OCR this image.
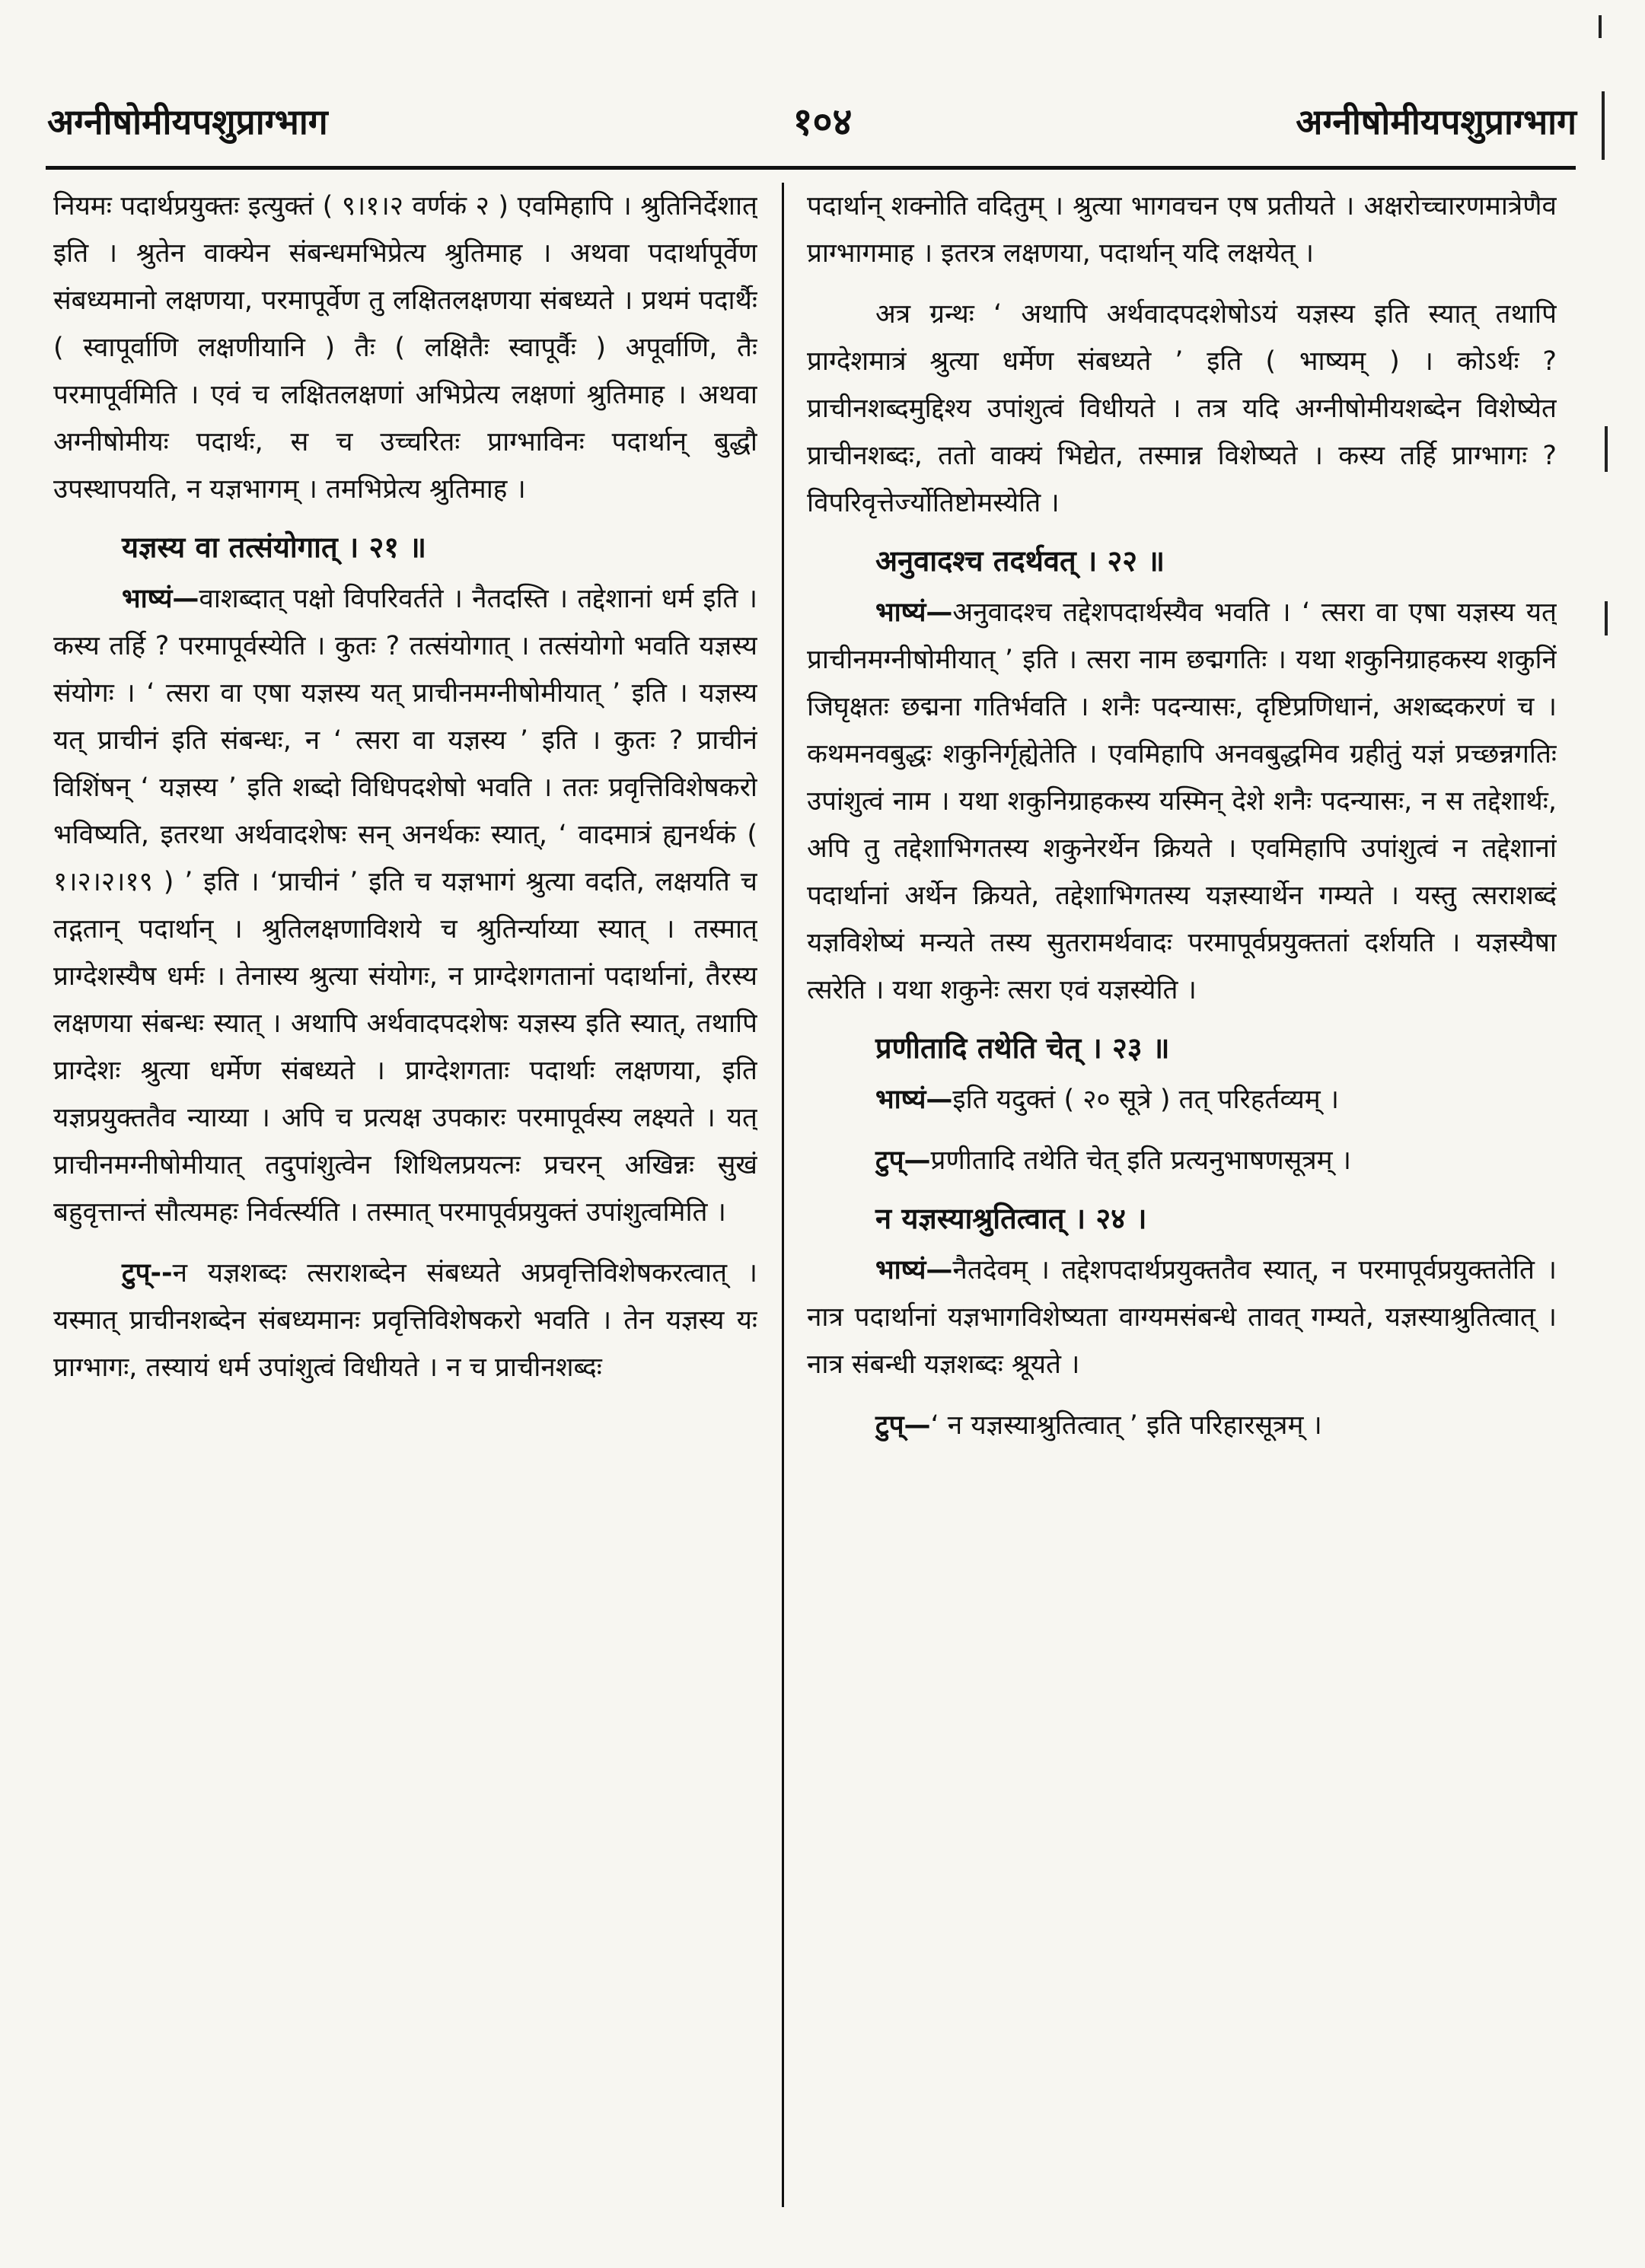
अग्नीषोमीयपशुप्राग्भाग	१०४	अग्नीषोमीयपशुप्राग्भाग

नियमः पदार्थप्रयुक्तः इत्युक्तं ( ९।१।२ वर्णकं २ ) एवमिहापि । श्रुतिनिर्देशात् इति । श्रुतेन वाक्येन संबन्धमभिप्रेत्य श्रुतिमाह । अथवा पदार्थापूर्वेण संबध्यमानो लक्षणया, परमापूर्वेण तु लक्षितलक्षणया संबध्यते । प्रथमं पदार्थैः ( स्वापूर्वाणि लक्षणीयानि ) तैः ( लक्षितैः स्वापूर्वैः ) अपूर्वाणि, तैः परमापूर्वमिति । एवं च लक्षितलक्षणां अभिप्रेत्य लक्षणां श्रुतिमाह । अथवा अग्नीषोमीयः पदार्थः, स च उच्चरितः प्राग्भाविनः पदार्थान् बुद्धौ उपस्थापयति, न यज्ञभागम् । तमभिप्रेत्य श्रुतिमाह ।

यज्ञस्य वा तत्संयोगात् । २१ ॥

भाष्यं—वाशब्दात् पक्षो विपरिवर्तते । नैतदस्ति । तद्देशानां धर्म इति । कस्य तर्हि ? परमापूर्वस्येति । कुतः ? तत्संयोगात् । तत्संयोगो भवति यज्ञस्य संयोगः । ‘ त्सरा वा एषा यज्ञस्य यत् प्राचीनमग्नीषोमीयात् ’ इति । यज्ञस्य यत् प्राचीनं इति संबन्धः, न ‘ त्सरा वा यज्ञस्य ’ इति । कुतः ? प्राचीनं विशिंषन् ‘ यज्ञस्य ’ इति शब्दो विधिपदशेषो भवति । ततः प्रवृत्तिविशेषकरो भविष्यति, इतरथा अर्थवादशेषः सन् अनर्थकः स्यात्, ‘ वादमात्रं ह्यनर्थकं ( १।२।२।१९ ) ’ इति । ‘प्राचीनं ’ इति च यज्ञभागं श्रुत्या वदति, लक्षयति च तद्गतान् पदार्थान् । श्रुतिलक्षणाविशये च श्रुतिर्न्याय्या स्यात् । तस्मात् प्राग्देशस्यैष धर्मः । तेनास्य श्रुत्या संयोगः, न प्राग्देशगतानां पदार्थानां, तैरस्य लक्षणया संबन्धः स्यात् । अथापि अर्थवादपदशेषः यज्ञस्य इति स्यात्, तथापि प्राग्देशः श्रुत्या धर्मेण संबध्यते । प्राग्देशगताः पदार्थाः लक्षणया, इति यज्ञप्रयुक्ततैव न्याय्या । अपि च प्रत्यक्ष उपकारः परमापूर्वस्य लक्ष्यते । यत् प्राचीनमग्नीषोमीयात् तदुपांशुत्वेन शिथिलप्रयत्नः प्रचरन् अखिन्नः सुखं बहुवृत्तान्तं सौत्यमहः निर्वर्त्स्यति । तस्मात् परमापूर्वप्रयुक्तं उपांशुत्वमिति ।

टुप्--न यज्ञशब्दः त्सराशब्देन संबध्यते अप्रवृत्तिविशेषकरत्वात् । यस्मात् प्राचीनशब्देन संबध्यमानः प्रवृत्तिविशेषकरो भवति । तेन यज्ञस्य यः प्राग्भागः, तस्यायं धर्म उपांशुत्वं विधीयते । न च प्राचीनशब्दः

पदार्थान् शक्नोति वदितुम् । श्रुत्या भागवचन एष प्रतीयते । अक्षरोच्चारणमात्रेणैव प्राग्भागमाह । इतरत्र लक्षणया, पदार्थान् यदि लक्षयेत् ।

अत्र ग्रन्थः ‘ अथापि अर्थवादपदशेषोऽयं यज्ञस्य इति स्यात् तथापि प्राग्देशमात्रं श्रुत्या धर्मेण संबध्यते ’ इति ( भाष्यम् ) । कोऽर्थः ? प्राचीनशब्दमुद्दिश्य उपांशुत्वं विधीयते । तत्र यदि अग्नीषोमीयशब्देन विशेष्येत प्राचीनशब्दः, ततो वाक्यं भिद्येत, तस्मान्न विशेष्यते । कस्य तर्हि प्राग्भागः ? विपरिवृत्तेर्ज्योतिष्टोमस्येति ।

अनुवादश्च तदर्थवत् । २२ ॥

भाष्यं—अनुवादश्च तद्देशपदार्थस्यैव भवति । ‘ त्सरा वा एषा यज्ञस्य यत् प्राचीनमग्नीषोमीयात् ’ इति । त्सरा नाम छद्मगतिः । यथा शकुनिग्राहकस्य शकुनिं जिघृक्षतः छद्मना गतिर्भवति । शनैः पदन्यासः, दृष्टिप्रणिधानं, अशब्दकरणं च । कथमनवबुद्धः शकुनिर्गृह्येतेति । एवमिहापि अनवबुद्धमिव ग्रहीतुं यज्ञं प्रच्छन्नगतिः उपांशुत्वं नाम । यथा शकुनिग्राहकस्य यस्मिन् देशे शनैः पदन्यासः, न स तद्देशार्थः, अपि तु तद्देशाभिगतस्य शकुनेरर्थेन क्रियते । एवमिहापि उपांशुत्वं न तद्देशानां पदार्थानां अर्थेन क्रियते, तद्देशाभिगतस्य यज्ञस्यार्थेन गम्यते । यस्तु त्सराशब्दं यज्ञविशेष्यं मन्यते तस्य सुतरामर्थवादः परमापूर्वप्रयुक्ततां दर्शयति । यज्ञस्यैषा त्सरेति । यथा शकुनेः त्सरा एवं यज्ञस्येति ।

प्रणीतादि तथेति चेत् । २३ ॥

भाष्यं—इति यदुक्तं ( २० सूत्रे ) तत् परिहर्तव्यम् ।

टुप्—प्रणीतादि तथेति चेत् इति प्रत्यनुभाषणसूत्रम् ।

न यज्ञस्याश्रुतित्वात् । २४ ।

भाष्यं—नैतदेवम् । तद्देशपदार्थप्रयुक्ततैव स्यात्, न परमापूर्वप्रयुक्ततेति । नात्र पदार्थानां यज्ञभागविशेष्यता वाग्यमसंबन्धे तावत् गम्यते, यज्ञस्याश्रुतित्वात् । नात्र संबन्धी यज्ञशब्दः श्रूयते ।

टुप्—‘ न यज्ञस्याश्रुतित्वात् ’ इति परिहारसूत्रम् ।
